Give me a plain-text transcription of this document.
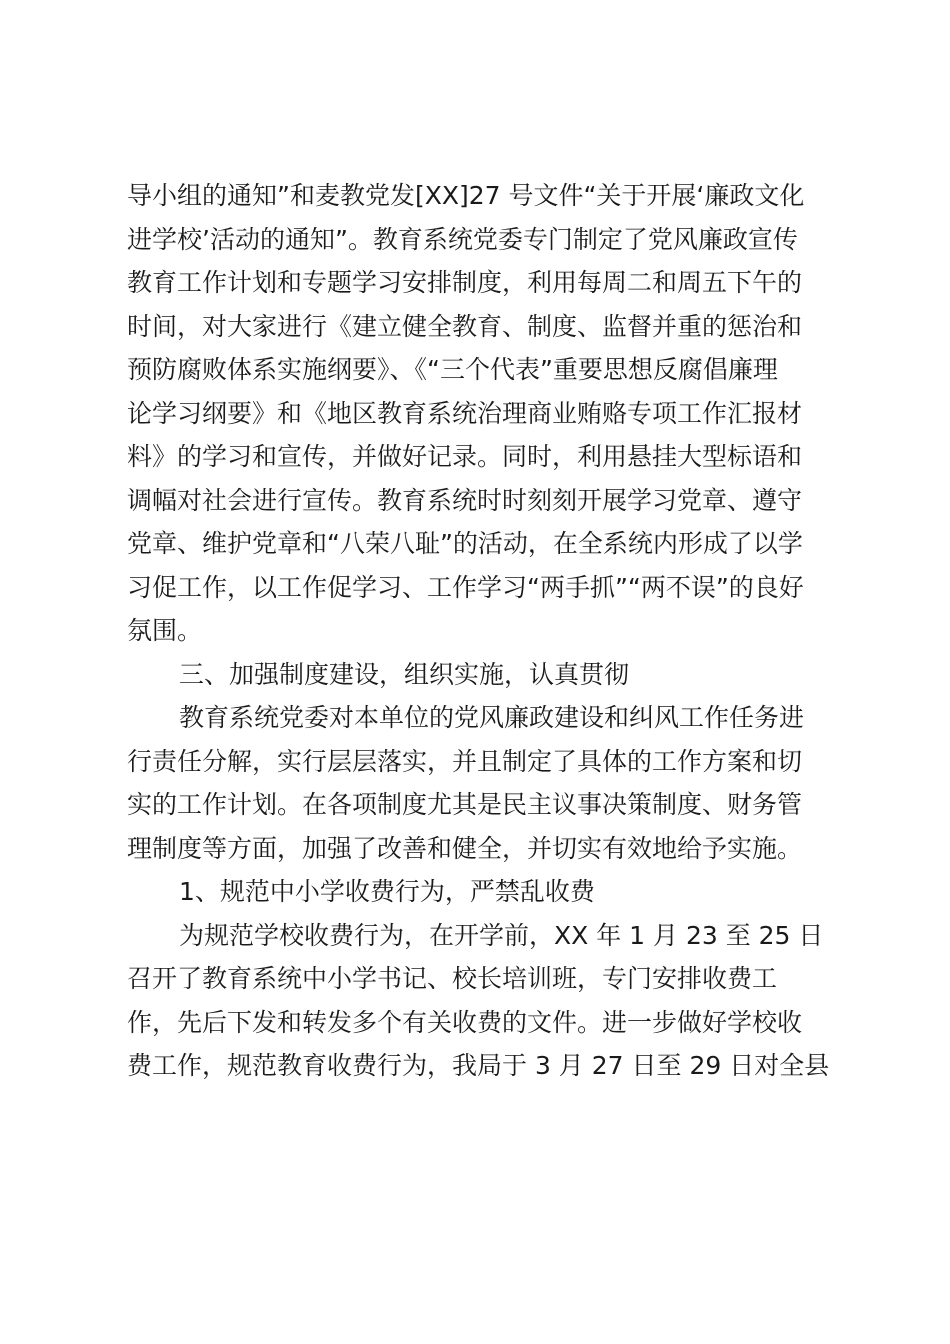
导小组的通知”和麦教党发[XX]27 号文件“关于开展‘廉政文化
进学校’活动的通知”。教育系统党委专门制定了党风廉政宣传
教育工作计划和专题学习安排制度，利用每周二和周五下午的
时间，对大家进行《建立健全教育、制度、监督并重的惩治和
预防腐败体系实施纲要》、《“三个代表”重要思想反腐倡廉理
论学习纲要》和《地区教育系统治理商业贿赂专项工作汇报材
料》的学习和宣传，并做好记录。同时，利用悬挂大型标语和
调幅对社会进行宣传。教育系统时时刻刻开展学习党章、遵守
党章、维护党章和“八荣八耻”的活动，在全系统内形成了以学
习促工作，以工作促学习、工作学习“两手抓”“两不误”的良好
氛围。
三、加强制度建设，组织实施，认真贯彻
教育系统党委对本单位的党风廉政建设和纠风工作任务进
行责任分解，实行层层落实，并且制定了具体的工作方案和切
实的工作计划。在各项制度尤其是民主议事决策制度、财务管
理制度等方面，加强了改善和健全，并切实有效地给予实施。
1、规范中小学收费行为，严禁乱收费
为规范学校收费行为，在开学前，XX 年 1 月 23 至 25 日
召开了教育系统中小学书记、校长培训班，专门安排收费工
作，先后下发和转发多个有关收费的文件。进一步做好学校收
费工作，规范教育收费行为，我局于 3 月 27 日至 29 日对全县
